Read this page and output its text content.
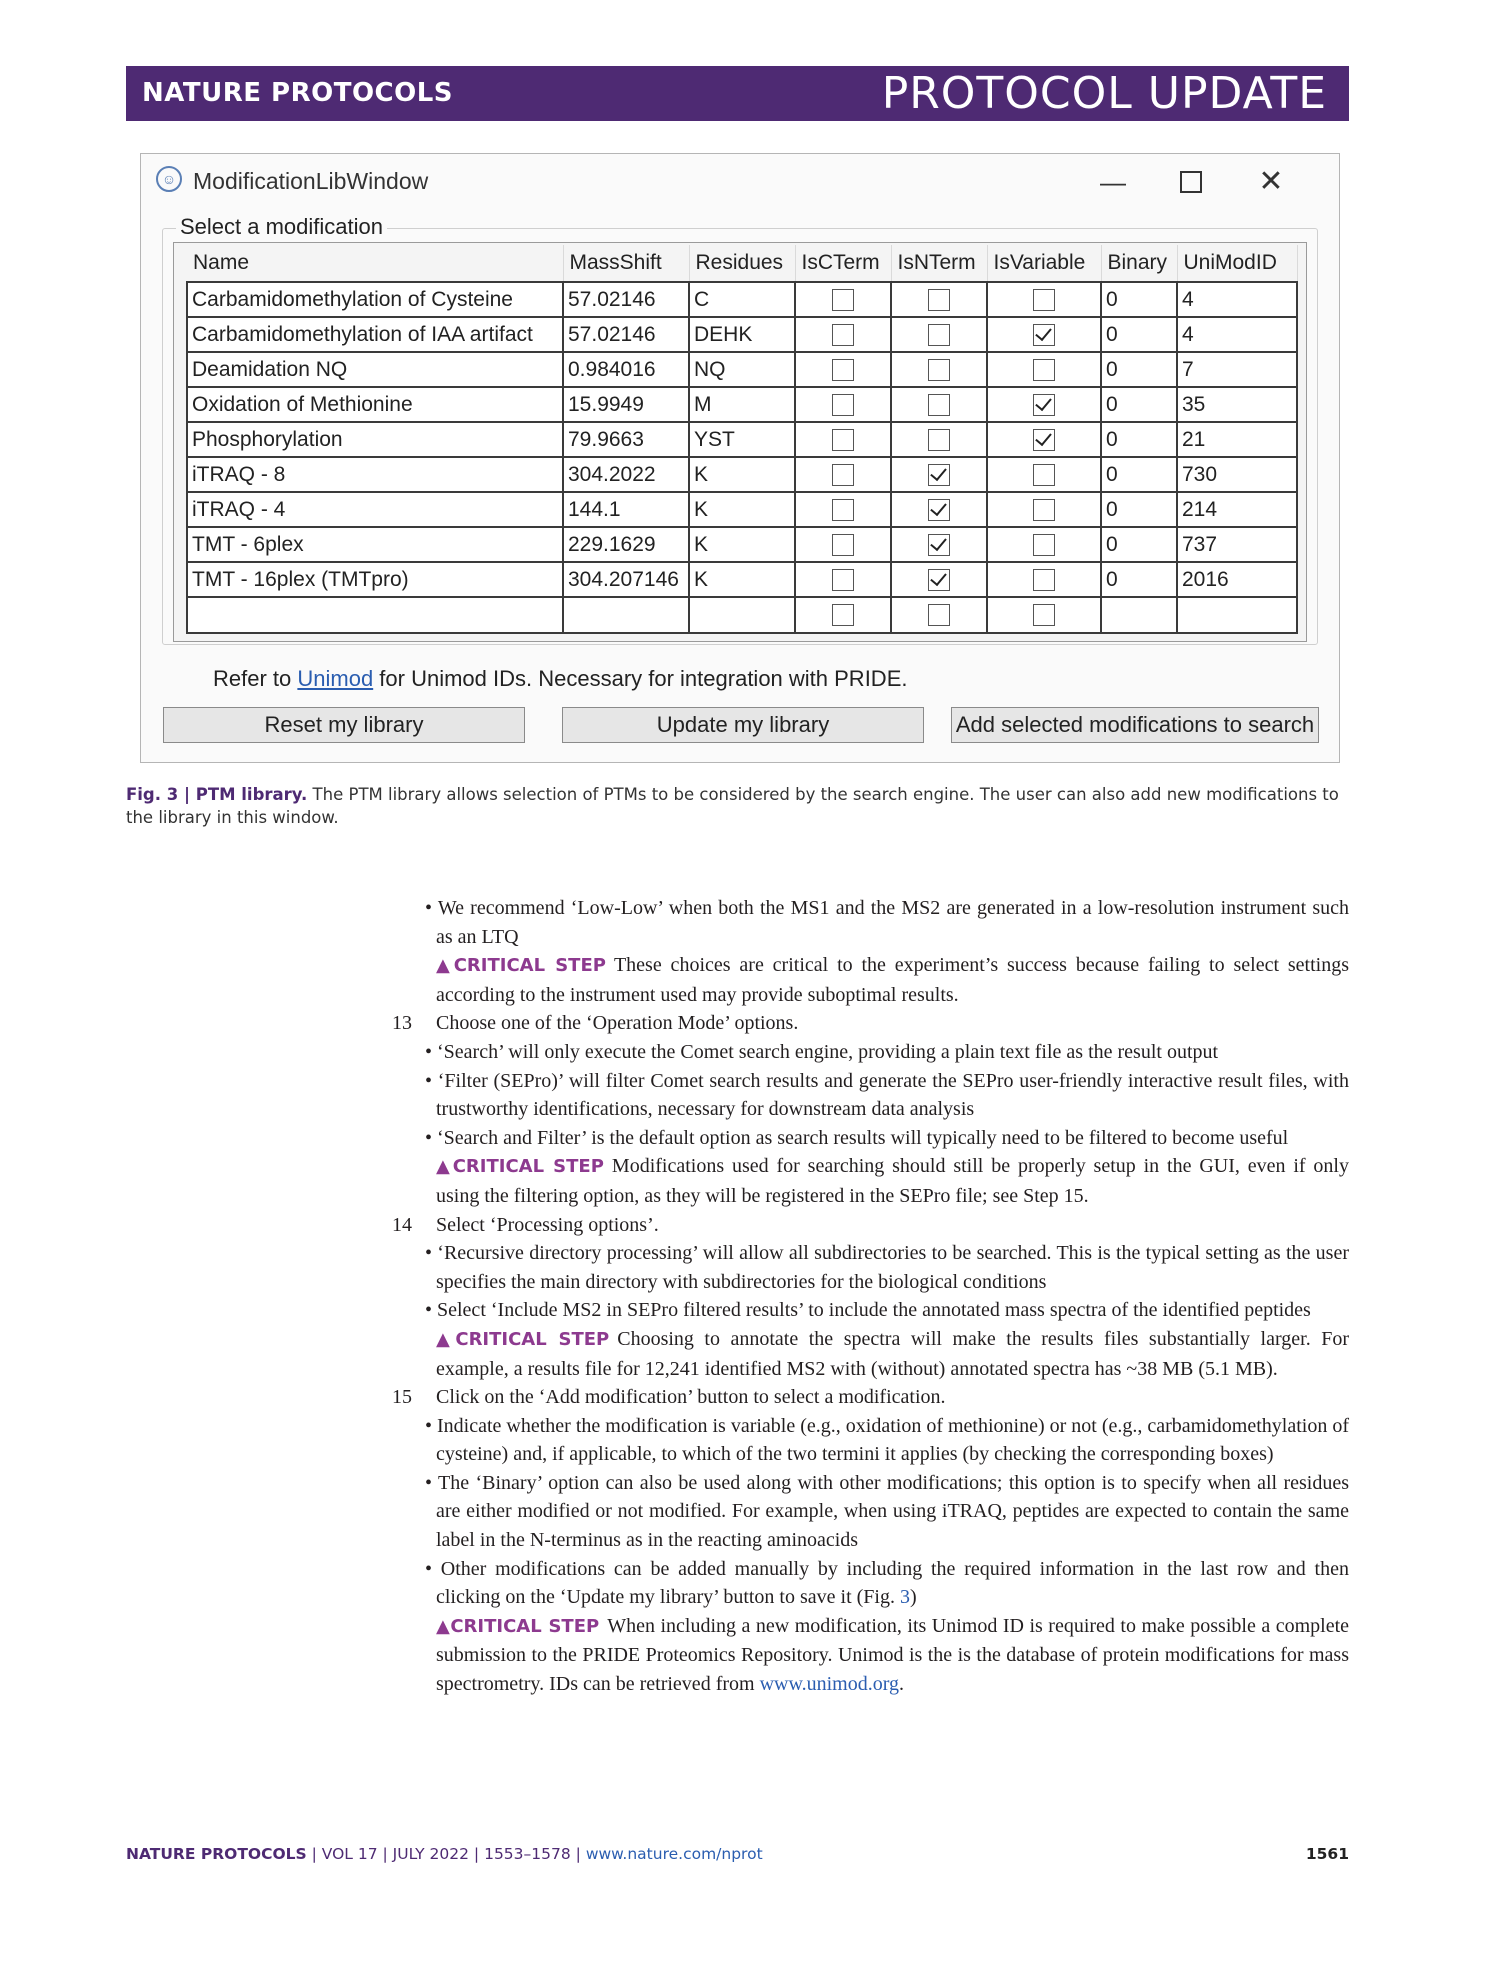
NATURE PROTOCOLS	PROTOCOL UPDATE
☺ ModificationLibWindow	—	✕
Select a modification
Name	MassShift	Residues	IsCTerm	IsNTerm	IsVariable	Binary	UniModID
Carbamidomethylation of Cysteine	57.02146	C				0	4
Carbamidomethylation of IAA artifact	57.02146	DEHK				0	4
Deamidation NQ	0.984016	NQ				0	7
Oxidation of Methionine	15.9949	M				0	35
Phosphorylation	79.9663	YST				0	21
iTRAQ - 8	304.2022	K				0	730
iTRAQ - 4	144.1	K				0	214
TMT - 6plex	229.1629	K				0	737
TMT - 16plex (TMTpro)	304.207146	K				0	2016

Refer to Unimod for Unimod IDs. Necessary for integration with PRIDE.
Reset my library	Update my library	Add selected modifications to search
Fig. 3 | PTM library. The PTM library allows selection of PTMs to be considered by the search engine. The user can also add new modifications to the library in this window.
• We recommend ‘Low-Low’ when both the MS1 and the MS2 are generated in a low-resolution instrument such as an LTQ
▲CRITICAL STEP These choices are critical to the experiment’s success because failing to select settings according to the instrument used may provide suboptimal results.
13	Choose one of the ‘Operation Mode’ options.
• ‘Search’ will only execute the Comet search engine, providing a plain text file as the result output
• ‘Filter (SEPro)’ will filter Comet search results and generate the SEPro user-friendly interactive result files, with trustworthy identifications, necessary for downstream data analysis
• ‘Search and Filter’ is the default option as search results will typically need to be filtered to become useful
▲CRITICAL STEP Modifications used for searching should still be properly setup in the GUI, even if only using the filtering option, as they will be registered in the SEPro file; see Step 15.
14	Select ‘Processing options’.
• ‘Recursive directory processing’ will allow all subdirectories to be searched. This is the typical setting as the user specifies the main directory with subdirectories for the biological conditions
• Select ‘Include MS2 in SEPro filtered results’ to include the annotated mass spectra of the identified peptides
▲CRITICAL STEP Choosing to annotate the spectra will make the results files substantially larger. For example, a results file for 12,241 identified MS2 with (without) annotated spectra has ~38 MB (5.1 MB).
15	Click on the ‘Add modification’ button to select a modification.
• Indicate whether the modification is variable (e.g., oxidation of methionine) or not (e.g., carbamidomethylation of cysteine) and, if applicable, to which of the two termini it applies (by checking the corresponding boxes)
• The ‘Binary’ option can also be used along with other modifications; this option is to specify when all residues are either modified or not modified. For example, when using iTRAQ, peptides are expected to contain the same label in the N-terminus as in the reacting aminoacids
• Other modifications can be added manually by including the required information in the last row and then clicking on the ‘Update my library’ button to save it (Fig. 3)
▲CRITICAL STEP When including a new modification, its Unimod ID is required to make possible a complete submission to the PRIDE Proteomics Repository. Unimod is the is the database of protein modifications for mass spectrometry. IDs can be retrieved from www.unimod.org.
NATURE PROTOCOLS | VOL 17 | JULY 2022 | 1553–1578 | www.nature.com/nprot	1561
